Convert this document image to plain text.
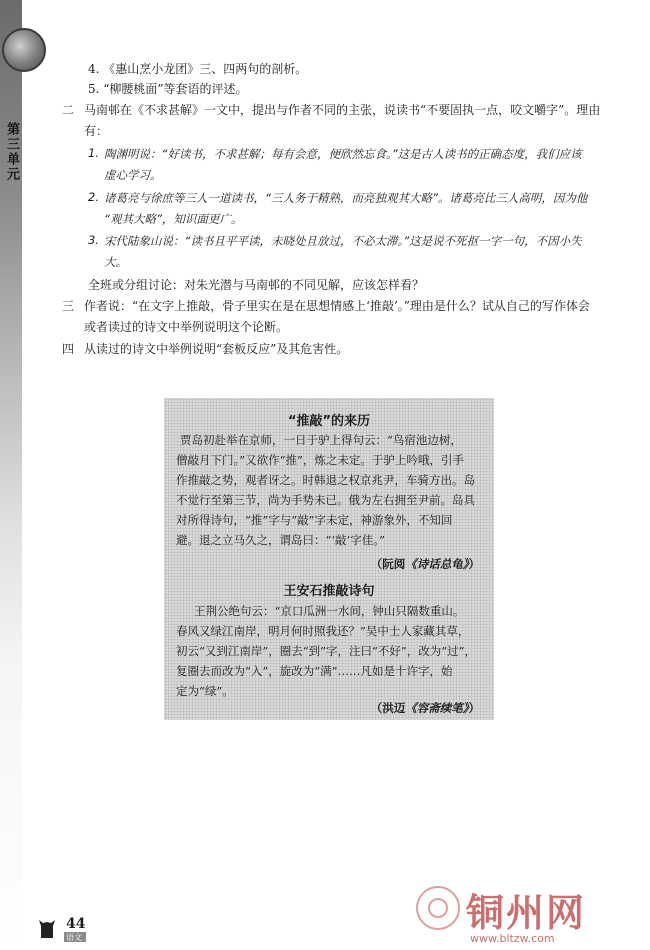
第三单元
4. 《惠山烹小龙团》三、四两句的剖析。
5. “柳腰桃面”等套语的评述。
二 马南邨在《不求甚解》一文中，提出与作者不同的主张，说读书“不要固执一点，咬文嚼字”。理由
有：
1. 陶渊明说：“好读书，不求甚解；每有会意，便欣然忘食。”这是古人读书的正确态度，我们应该
虚心学习。
2. 诸葛亮与徐庶等三人一道读书，“三人务于精熟，而亮独观其大略”。诸葛亮比三人高明，因为他
“观其大略”，知识面更广。
3. 宋代陆象山说：“读书且平平读，未晓处且放过，不必太滞。”这是说不死抠一字一句，不因小失
大。
全班或分组讨论：对朱光潜与马南邨的不同见解，应该怎样看？
三 作者说：“在文字上推敲，骨子里实在是在思想情感上‘推敲’。”理由是什么？试从自己的写作体会
或者读过的诗文中举例说明这个论断。
四 从读过的诗文中举例说明“套板反应”及其危害性。
“推敲”的来历
贾岛初赴举在京师，一日于驴上得句云：“鸟宿池边树，
僧敲月下门。”又欲作“推”，炼之未定。于驴上吟哦，引手
作推敲之势，观者讶之。时韩退之权京兆尹，车骑方出。岛
不觉行至第三节，尚为手势未已。俄为左右拥至尹前。岛具
对所得诗句，“推”字与“敲”字未定，神游象外，不知回
避。退之立马久之，谓岛曰：“‘敲’字佳。”
（阮阅《诗话总龟》）
王安石推敲诗句
王荆公绝句云：“京口瓜洲一水间，钟山只隔数重山。
春风又绿江南岸，明月何时照我还？”吴中士人家藏其草，
初云“又到江南岸”，圈去“到”字，注曰“不好”，改为“过”，
复圈去而改为“入”，旋改为“满”……凡如是十许字，始
定为“绿”。
（洪迈《容斋续笔》）
44
语文
铜州网
www.bltzw.com
